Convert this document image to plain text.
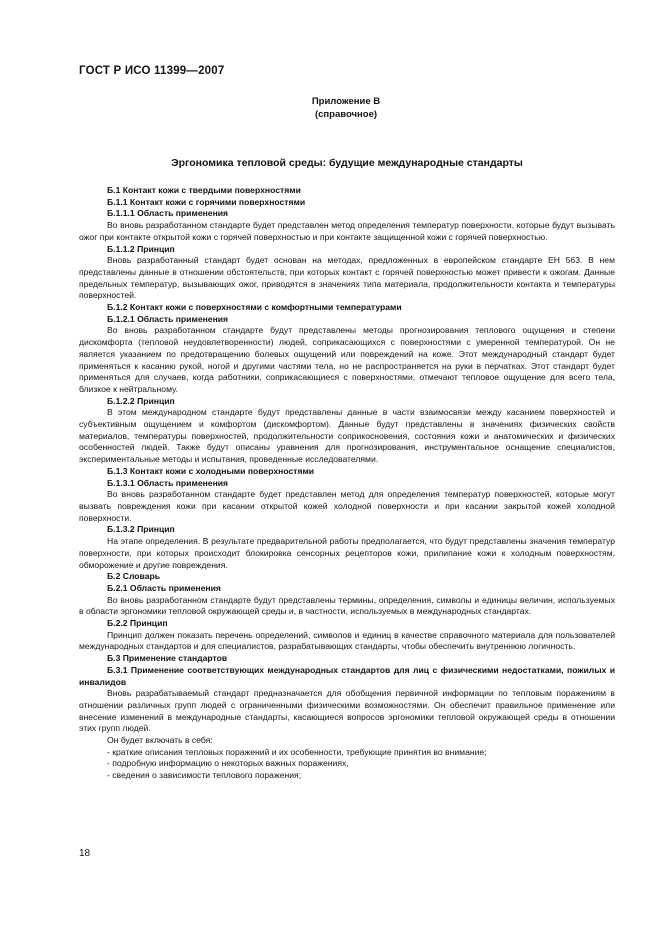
ГОСТ Р ИСО 11399—2007
Приложение В
(справочное)
Эргономика тепловой среды: будущие международные стандарты

Б.1 Контакт кожи с твердыми поверхностями

Б.1.1 Контакт кожи с горячими поверхностями

Б.1.1.1 Область применения

Во вновь разработанном стандарте будет представлен метод определения температур поверхности, которые будут вызывать ожог при контакте открытой кожи с горячей поверхностью и при контакте защищенной кожи с горячей поверхностью.

Б.1.1.2 Принцип

Вновь разработанный стандарт будет основан на методах, предложенных в европейском стандарте ЕН 563. В нем представлены данные в отношении обстоятельств, при которых контакт с горячей поверхностью может привести к ожогам. Данные предельных температур, вызывающих ожог, приводятся в значениях типа материала, продолжительности контакта и температуры поверхностей.

Б.1.2 Контакт кожи с поверхностями с комфортными температурами

Б.1.2.1 Область применения

Во вновь разработанном стандарте будут представлены методы прогнозирования теплового ощущения и степени дискомфорта (тепловой неудовлетворенности) людей, соприкасающихся с поверхностями с умеренной температурой. Он не является указанием по предотвращению болевых ощущений или повреждений на коже. Этот международный стандарт будет применяться к касанию рукой, ногой и другими частями тела, но не распространяется на руки в перчатках. Этот стандарт будет применяться для случаев, когда работники, соприкасающиеся с поверхностями, отмечают тепловое ощущение для всего тела, близкое к нейтральному.

Б.1.2.2 Принцип

В этом международном стандарте будут представлены данные в части взаимосвязи между касанием поверхностей и субъективным ощущением и комфортом (дискомфортом). Данные будут представлены в значениях физических свойств материалов, температуры поверхностей, продолжительности соприкосновения, состояния кожи и анатомических и физических особенностей людей. Также будут описаны уравнения для прогнозирования, инструментальное оснащение специалистов, экспериментальные методы и испытания, проведенные исследователями.

Б.1.3 Контакт кожи с холодными поверхностями

Б.1.3.1 Область применения

Во вновь разработанном стандарте будет представлен метод для определения температур поверхностей, которые могут вызвать повреждения кожи при касании открытой кожей холодной поверхности и при касании закрытой кожей холодной поверхности.

Б.1.3.2 Принцип

На этапе определения. В результате предварительной работы предполагается, что будут представлены значения температур поверхности, при которых происходит блокировка сенсорных рецепторов кожи, прилипание кожи к холодным поверхностям, обморожение и другие повреждения.

Б.2 Словарь

Б.2.1 Область применения

Во вновь разработанном стандарте будут представлены термины, определения, символы и единицы величин, используемых в области эргономики тепловой окружающей среды и, в частности, используемых в международных стандартах.

Б.2.2 Принцип

Принцип должен показать перечень определений, символов и единиц в качестве справочного материала для пользователей международных стандартов и для специалистов, разрабатывающих стандарты, чтобы обеспечить внутреннюю логичность.

Б.3 Применение стандартов

Б.3.1 Применение соответствующих международных стандартов для лиц с физическими недостатками, пожилых и инвалидов

Вновь разрабатываемый стандарт предназначается для обобщения первичной информации по тепловым поражениям в отношении различных групп людей с ограниченными физическими возможностями. Он обеспечит правильное применение или внесение изменений в международные стандарты, касающиеся вопросов эргономики тепловой окружающей среды в отношении этих групп людей.

Он будет включать в себя:

- краткие описания тепловых поражений и их особенности, требующие принятия во внимание;

- подробную информацию о некоторых важных поражениях,

- сведения о зависимости теплового поражения;

18
